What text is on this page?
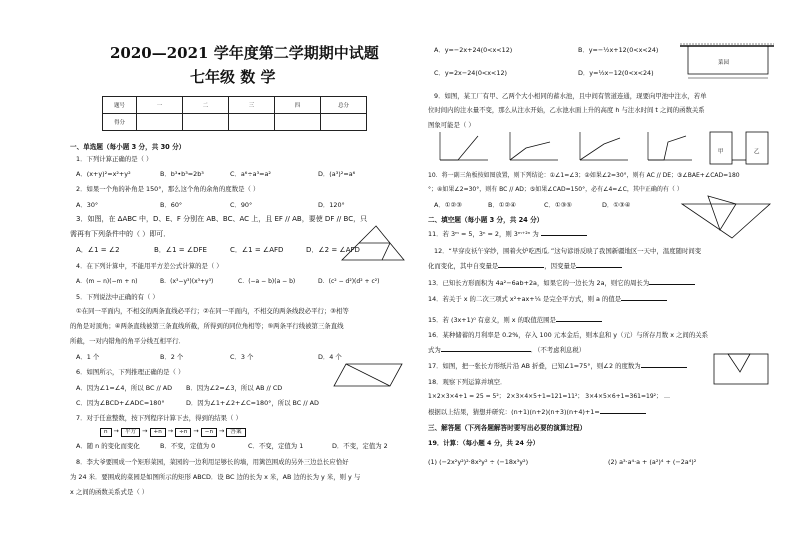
2020—2021 学年度第二学期期中试题
七年级 数 学
题号	一	二	三	四	总分
得分					
一、单选题（每小题 3 分，共 30 分）
1．下列计算正确的是（ ）
A．(x+y)²=x²+y²	B．b³•b³=2b³	C．a⁶÷a³=a²	D．(a³)²=a⁶
2．如果一个角的补角是 150°，那么这个角的余角的度数是（ ）
A．30°	B．60°	C．90°	D．120°
3．如图，在 ΔABC 中，D、E、F 分别在 AB、BC、AC 上，且 EF // AB，要使 DF // BC，只
需再有下列条件中的（ ）即可．
A．∠1 = ∠2	B．∠1 = ∠DFE	C．∠1 = ∠AFD	D．∠2 = ∠AFD
4．在下列计算中，不能用平方差公式计算的是（ ）
A．(m − n)(−m + n)	B．(x³−y³)(x³+y³)	C．(−a − b)(a − b)	D．(c² − d²)(d² + c²)
5．下列说法中正确的有（ ）
①在同一平面内，不相交的两条直线必平行；②在同一平面内，不相交的两条线段必平行；③相等
的角是对顶角；④两条直线被第三条直线所截，所得到的同位角相等；⑤两条平行线被第三条直线
所截，一对内错角的角平分线互相平行．
A．1 个	B．2 个	C．3 个	D．4 个
6．如图所示，下列推理正确的是（ ）
A．因为∠1=∠4，所以 BC // AD B．因为∠2=∠3，所以 AB // CD
C．因为∠BCD+∠ADC=180°	D．因为∠1+∠2+∠C=180°，所以 BC // AD
7．对于任意整数，按下列程序计算下去，得到的结果（ ）
n → 平方 → +n → ÷n → −n → 答案
A．随 n 的变化而变化	B．不变，定值为 0	C．不变，定值为 1	D．不变，定值为 2
8．李大爷要围成一个矩形菜园，菜园的一边利用足够长的墙，用篱笆围成的另外三边总长应恰好
为 24 米．要围成的菜园是如图所示的矩形 ABCD．设 BC 边的长为 x 米，AB 边的长为 y 米，则 y 与
x 之间的函数关系式是（ ）
A．y=−2x+24(0<x<12)	B．y=−½x+12(0<x<24)
C．y=2x−24(0<x<12)	D．y=½x−12(0<x<24)
菜园
9．如图，某工厂有甲、乙两个大小相同的蓄水池，且中间有管道连通，现要向甲池中注水，若单
位时间内的注水量不变，那么从注水开始，乙水池水面上升的高度 h 与注水时间 t 之间的函数关系
图象可能是（ ）
甲	乙
10．将一副三角板按如图放置，则下列结论：①∠1=∠3；②如果∠2=30°，则有 AC // DE；③∠BAE+∠CAD=180
°；④如果∠2=30°，则有 BC // AD；⑤如果∠CAD=150°，必有∠4=∠C，其中正确的有（ ）
A．①②③	B．①②④	C．①③⑤	D．①③④
二、填空题（每小题 3 分，共 24 分）
11．若 3ᵐ = 5，3ⁿ = 2，则 3ᵐ⁺²ⁿ 为
12．“早穿皮袄午穿纱，围着火炉吃西瓜．”这句谚语反映了我国新疆地区一天中，温度随时间变
化而变化，其中自变量是	，因变量是
13．已知长方形面积为 4a²−6ab+2a，如果它的一边长为 2a，则它的周长为
14．若关于 x 的二次三项式 x²+ax+¼ 是完全平方式，则 a 的值是
15．若 (3x+1)⁰ 有意义，则 x 的取值范围是
16．某种储蓄的月利率是 0.2%，存入 100 元本金后，则本息和 y（元）与所存月数 x 之间的关系
式为	．（不考虑利息税）
17．如图，把一张长方形纸片沿 AB 折叠，已知∠1=75°，则∠2 的度数为
18．观察下列运算并填空．
1×2×3×4+1 = 25 = 5²； 2×3×4×5+1=121=11²； 3×4×5×6+1=361=19²； …
根据以上结果，猜想并研究：(n+1)(n+2)(n+3)(n+4)+1=
三、解答题（下列各题解答时要写出必要的演算过程）
19．计算：（每小题 4 分，共 24 分）
(1) (−2x²y²)²·8x²y² ÷ (−18x³y²)	(2) a³·a⁴·a + (a²)⁴ + (−2a⁴)²
